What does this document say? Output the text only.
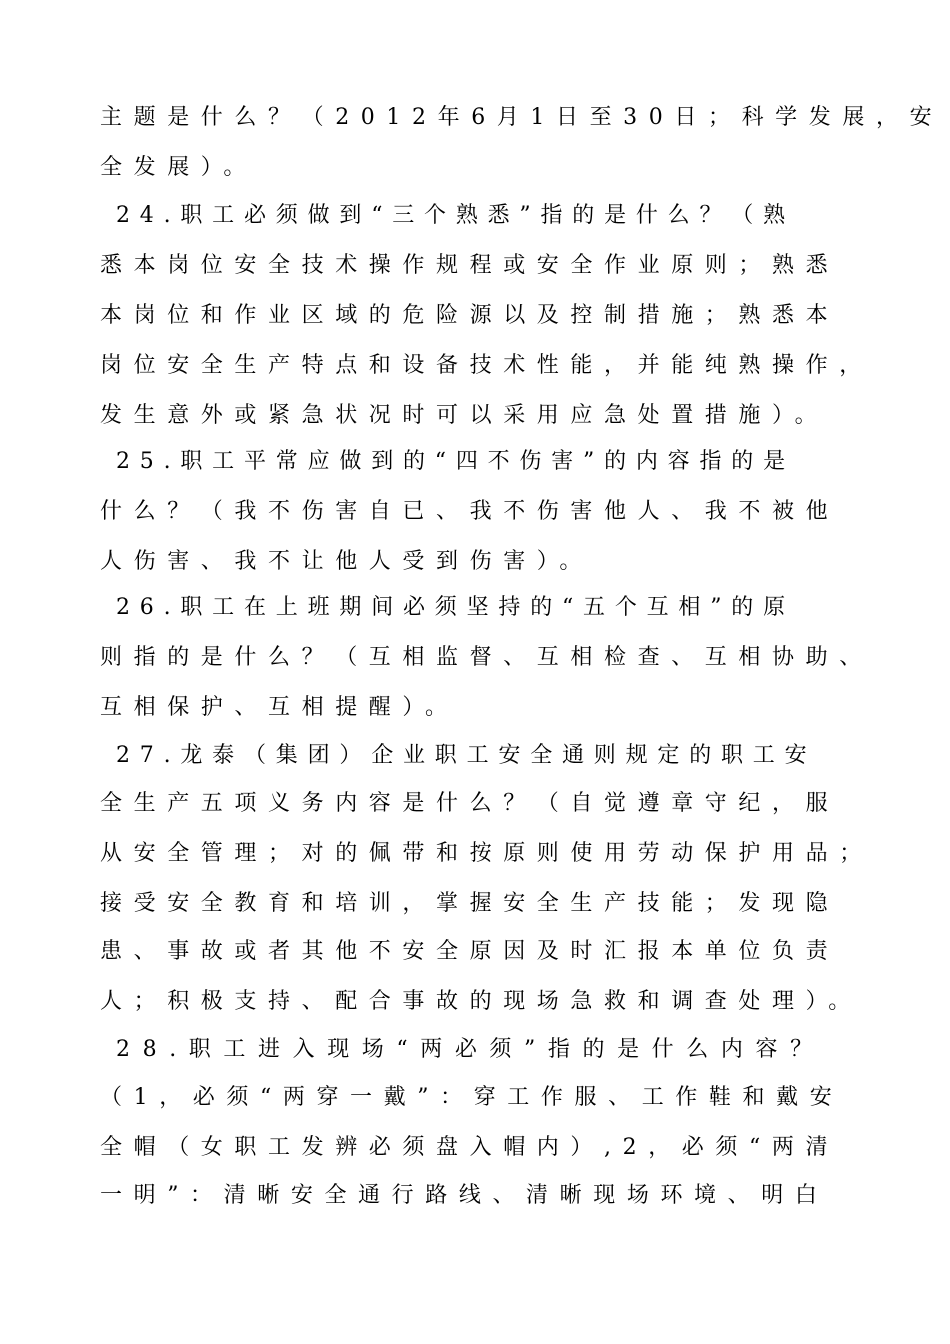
主题是什么？（2012年6月1日至30日；科学发展，安
全发展）。
24.职工必须做到“三个熟悉”指的是什么？（熟
悉本岗位安全技术操作规程或安全作业原则；熟悉
本岗位和作业区域的危险源以及控制措施；熟悉本
岗位安全生产特点和设备技术性能，并能纯熟操作，
发生意外或紧急状况时可以采用应急处置措施）。
25.职工平常应做到的“四不伤害”的内容指的是
什么？（我不伤害自已、我不伤害他人、我不被他
人伤害、我不让他人受到伤害）。
26.职工在上班期间必须坚持的“五个互相”的原
则指的是什么？（互相监督、互相检查、互相协助、
互相保护、互相提醒）。
27.龙泰（集团）企业职工安全通则规定的职工安
全生产五项义务内容是什么？（自觉遵章守纪，服
从安全管理；对的佩带和按原则使用劳动保护用品；
接受安全教育和培训，掌握安全生产技能；发现隐
患、事故或者其他不安全原因及时汇报本单位负责
人；积极支持、配合事故的现场急救和调查处理）。
28.职工进入现场“两必须”指的是什么内容？
（1，必须“两穿一戴”：穿工作服、工作鞋和戴安
全帽（女职工发辨必须盘入帽内）,2，必须“两清
一明”：清晰安全通行路线、清晰现场环境、明白
